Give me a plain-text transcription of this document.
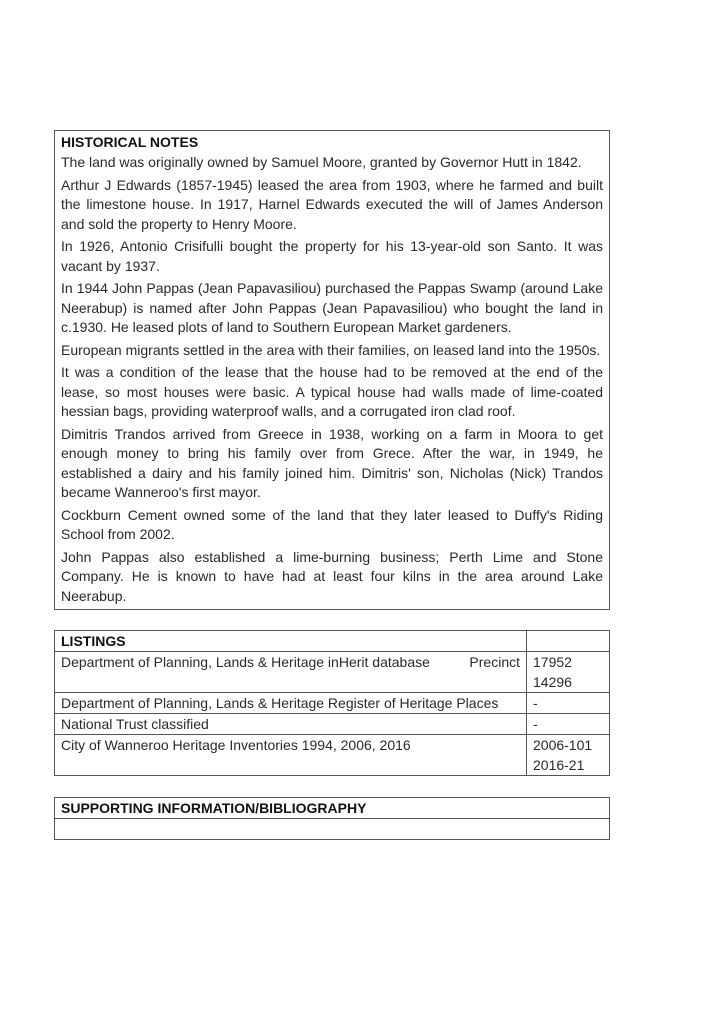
HISTORICAL NOTES

The land was originally owned by Samuel Moore, granted by Governor Hutt in 1842.

Arthur J Edwards (1857-1945) leased the area from 1903, where he farmed and built the limestone house. In 1917, Harnel Edwards executed the will of James Anderson and sold the property to Henry Moore.

In 1926, Antonio Crisifulli bought the property for his 13-year-old son Santo. It was vacant by 1937.

In 1944 John Pappas (Jean Papavasiliou) purchased the Pappas Swamp (around Lake Neerabup) is named after John Pappas (Jean Papavasiliou) who bought the land in c.1930. He leased plots of land to Southern European Market gardeners.

European migrants settled in the area with their families, on leased land into the 1950s.

It was a condition of the lease that the house had to be removed at the end of the lease, so most houses were basic. A typical house had walls made of lime-coated hessian bags, providing waterproof walls, and a corrugated iron clad roof.

Dimitris Trandos arrived from Greece in 1938, working on a farm in Moora to get enough money to bring his family over from Grece. After the war, in 1949, he established a dairy and his family joined him. Dimitris' son, Nicholas (Nick) Trandos became Wanneroo's first mayor.

Cockburn Cement owned some of the land that they later leased to Duffy's Riding School from 2002.

John Pappas also established a lime-burning business; Perth Lime and Stone Company. He is known to have had at least four kilns in the area around Lake Neerabup.

LISTINGS	

Department of Planning, Lands & Heritage inHerit database Precinct	17952
14296

Department of Planning, Lands & Heritage Register of Heritage Places	-
National Trust classified	-
City of Wanneroo Heritage Inventories 1994, 2006, 2016	2006-101
2016-21
SUPPORTING INFORMATION/BIBLIOGRAPHY
